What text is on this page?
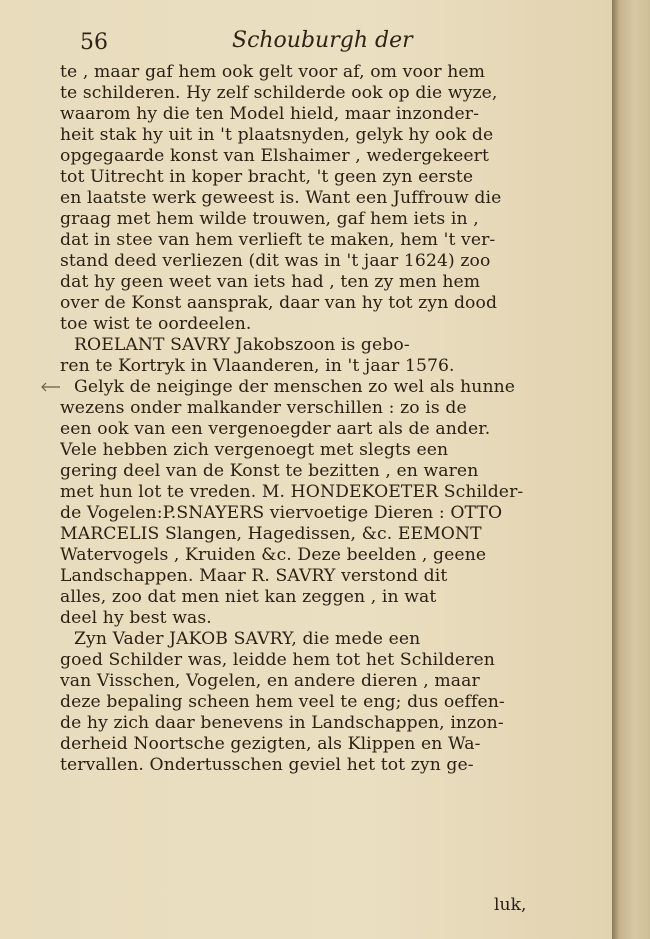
56	Schouburgh der
te , maar gaf hem ook gelt voor af, om voor hem
te schilderen. Hy zelf schilderde ook op die wyze,
waarom hy die ten Model hield, maar inzonder-
heit stak hy uit in 't plaatsnyden, gelyk hy ook de
opgegaarde konst van Elshaimer , wedergekeert
tot Uitrecht in koper bracht, 't geen zyn eerste
en laatste werk geweest is. Want een Juffrouw die
graag met hem wilde trouwen, gaf hem iets in ,
dat in stee van hem verlieft te maken, hem 't ver-
stand deed verliezen (dit was in 't jaar 1624) zoo
dat hy geen weet van iets had , ten zy men hem
over de Konst aansprak, daar van hy tot zyn dood
toe wist te oordeelen.
ROELANT SAVRY Jakobszoon is gebo-
ren te Kortryk in Vlaanderen, in 't jaar 1576.
Gelyk de neiginge der menschen zo wel als hunne
wezens onder malkander verschillen : zo is de
een ook van een vergenoegder aart als de ander.
Vele hebben zich vergenoegt met slegts een
gering deel van de Konst te bezitten , en waren
met hun lot te vreden. M. HONDEKOETER Schilder-
de Vogelen:P.SNAYERS viervoetige Dieren : OTTO
MARCELIS Slangen, Hagedissen, &c. EEMONT
Watervogels , Kruiden &c. Deze beelden , geene
Landschappen. Maar R. SAVRY verstond dit
alles, zoo dat men niet kan zeggen , in wat
deel hy best was.
Zyn Vader JAKOB SAVRY, die mede een
goed Schilder was, leidde hem tot het Schilderen
van Visschen, Vogelen, en andere dieren , maar
deze bepaling scheen hem veel te eng; dus oeffen-
de hy zich daar benevens in Landschappen, inzon-
derheid Noortsche gezigten, als Klippen en Wa-
tervallen. Ondertusschen geviel het tot zyn ge-
luk,
